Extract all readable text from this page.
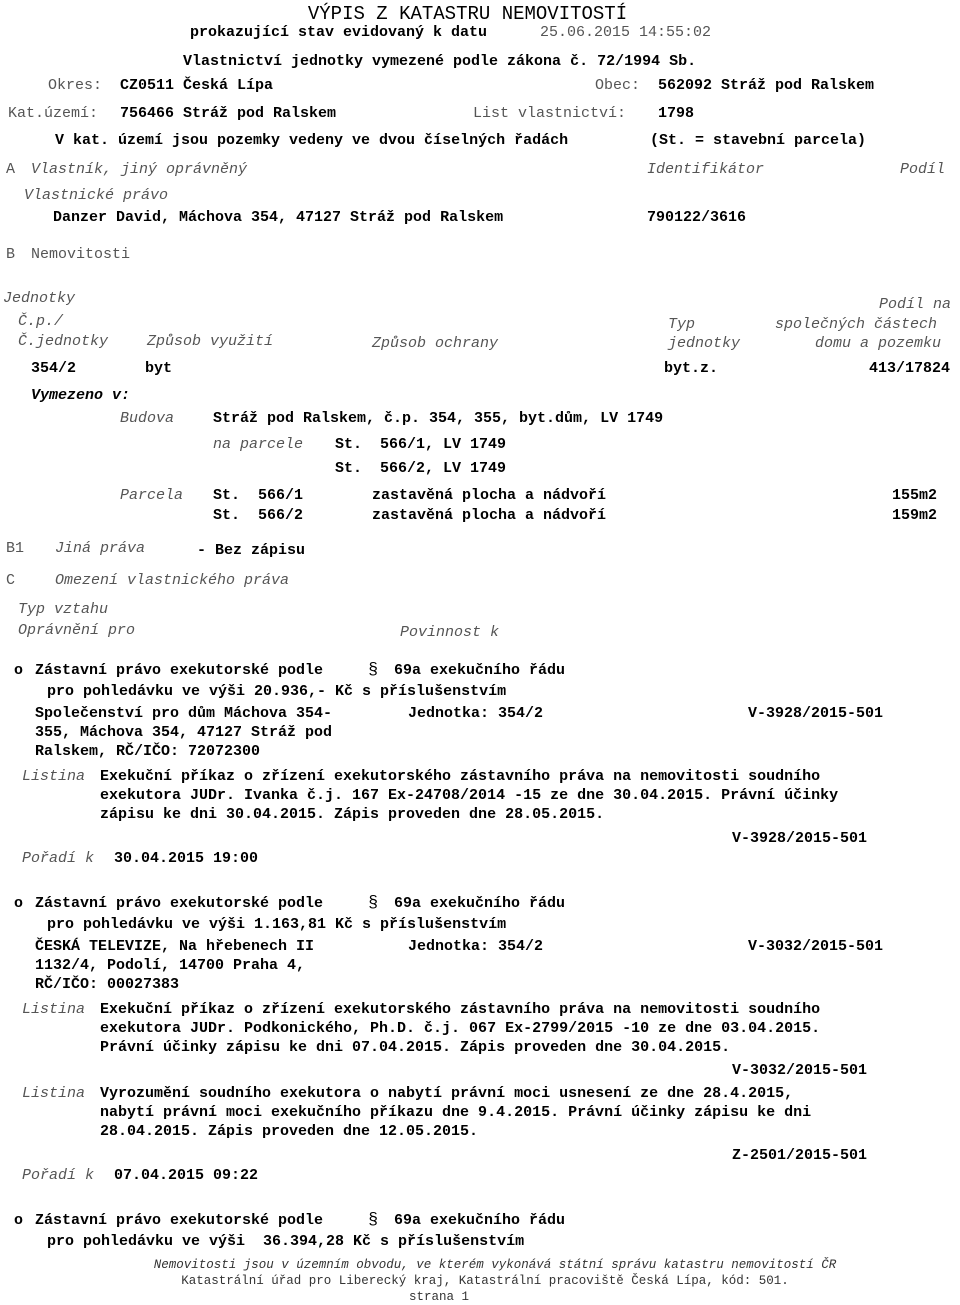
VÝPIS Z KATASTRU NEMOVITOSTÍ
prokazující stav evidovaný k datu	25.06.2015 14:55:02
Vlastnictví jednotky vymezené podle zákona č. 72/1994 Sb.
Okres: CZ0511 Česká Lípa	Obec: 562092 Stráž pod Ralskem
Kat.území: 756466 Stráž pod Ralskem	List vlastnictví: 1798
V kat. území jsou pozemky vedeny ve dvou číselných řadách	(St. = stavební parcela)
A Vlastník, jiný oprávněný	Identifikátor	Podíl
Vlastnické právo
Danzer David, Máchova 354, 47127 Stráž pod Ralskem	790122/3616
B Nemovitosti
Jednotky	Podíl na
Č.p./	Typ	společných částech
Č.jednotky	Způsob využití	Způsob ochrany	jednotky	domu a pozemku
354/2	byt	byt.z.	413/17824
Vymezeno v:
Budova	Stráž pod Ralskem, č.p. 354, 355, byt.dům, LV 1749
na parcele St.  566/1, LV 1749
St.  566/2, LV 1749
Parcela St.  566/1	zastavěná plocha a nádvoří	155m2
St.  566/2	zastavěná plocha a nádvoří	159m2
B1 Jiná práva	- Bez zápisu
C	Omezení vlastnického práva
Typ vztahu
Oprávnění pro	Povinnost k
o Zástavní právo exekutorské podle	§ 69a exekučního řádu
pro pohledávku ve výši 20.936,- Kč s příslušenstvím
Společenství pro dům Máchova 354-	Jednotka: 354/2	V-3928/2015-501
355, Máchova 354, 47127 Stráž pod
Ralskem, RČ/IČO: 72072300
Listina Exekuční příkaz o zřízení exekutorského zástavního práva na nemovitosti soudního
exekutora JUDr. Ivanka č.j. 167 Ex-24708/2014 -15 ze dne 30.04.2015. Právní účinky
zápisu ke dni 30.04.2015. Zápis proveden dne 28.05.2015.
V-3928/2015-501
Pořadí k 30.04.2015 19:00
o Zástavní právo exekutorské podle	§ 69a exekučního řádu
pro pohledávku ve výši 1.163,81 Kč s příslušenstvím
ČESKÁ TELEVIZE, Na hřebenech II	Jednotka: 354/2	V-3032/2015-501
1132/4, Podolí, 14700 Praha 4,
RČ/IČO: 00027383
Listina Exekuční příkaz o zřízení exekutorského zástavního práva na nemovitosti soudního
exekutora JUDr. Podkonického, Ph.D. č.j. 067 Ex-2799/2015 -10 ze dne 03.04.2015.
Právní účinky zápisu ke dni 07.04.2015. Zápis proveden dne 30.04.2015.
V-3032/2015-501
Listina Vyrozumění soudního exekutora o nabytí právní moci usnesení ze dne 28.4.2015,
nabytí právní moci exekučního příkazu dne 9.4.2015. Právní účinky zápisu ke dni
28.04.2015. Zápis proveden dne 12.05.2015.
Z-2501/2015-501
Pořadí k 07.04.2015 09:22
o Zástavní právo exekutorské podle	§ 69a exekučního řádu
pro pohledávku ve výši  36.394,28 Kč s příslušenstvím
Nemovitosti jsou v územním obvodu, ve kterém vykonává státní správu katastru nemovitostí ČR
Katastrální úřad pro Liberecký kraj, Katastrální pracoviště Česká Lípa, kód: 501.
strana 1
